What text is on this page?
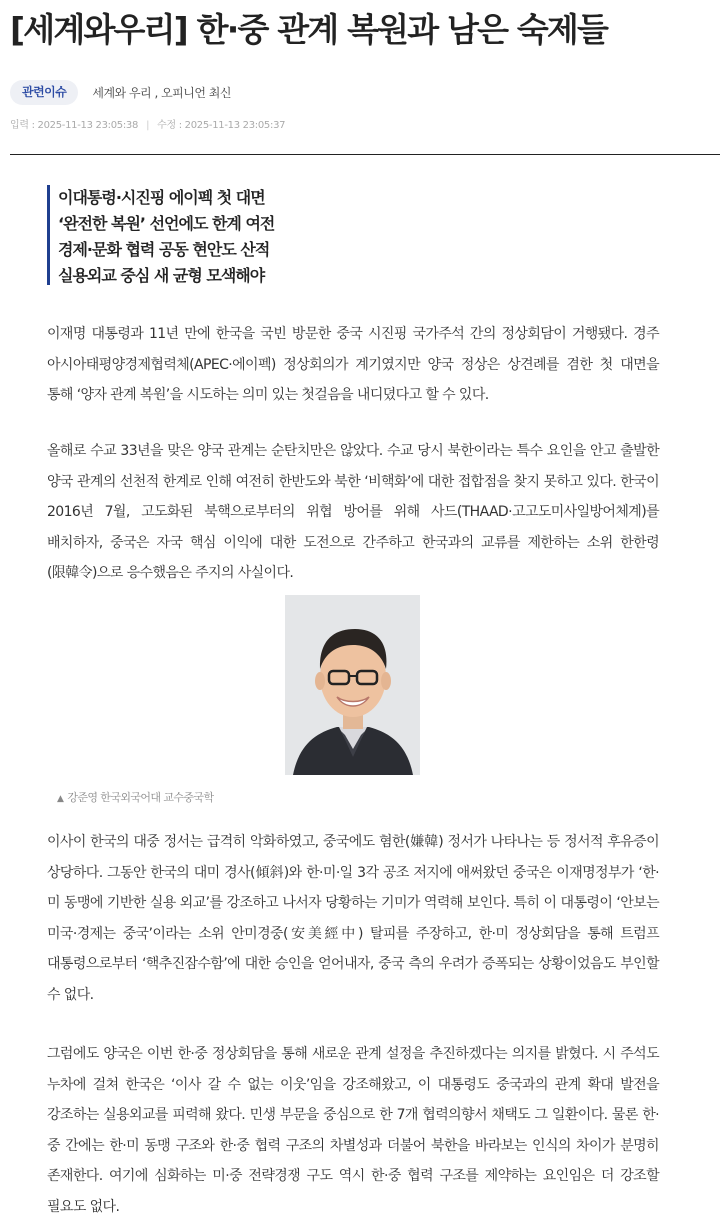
[세계와우리] 한·중 관계 복원과 남은 숙제들
관련이슈	세계와 우리 , 오피니언 최신
입력 : 2025-11-13 23:05:38 | 수정 : 2025-11-13 23:05:37
이대통령·시진핑 에이펙 첫 대면
‘완전한 복원’ 선언에도 한계 여전
경제·문화 협력 공동 현안도 산적
실용외교 중심 새 균형 모색해야

이재명 대통령과 11년 만에 한국을 국빈 방문한 중국 시진핑 국가주석 간의 정상회담이 거행됐다. 경주 아시아태평양경제협력체(APEC·에이펙) 정상회의가 계기였지만 양국 정상은 상견례를 겸한 첫 대면을 통해 ‘양자 관계 복원’을 시도하는 의미 있는 첫걸음을 내디뎠다고 할 수 있다.

올해로 수교 33년을 맞은 양국 관계는 순탄치만은 않았다. 수교 당시 북한이라는 특수 요인을 안고 출발한 양국 관계의 선천적 한계로 인해 여전히 한반도와 북한 ‘비핵화’에 대한 접합점을 찾지 못하고 있다. 한국이 2016년 7월, 고도화된 북핵으로부터의 위협 방어를 위해 사드(THAAD·고고도미사일방어체계)를 배치하자, 중국은 자국 핵심 이익에 대한 도전으로 간주하고 한국과의 교류를 제한하는 소위 한한령(限韓令)으로 응수했음은 주지의 사실이다.

▲ 강준영 한국외국어대 교수중국학

이사이 한국의 대중 정서는 급격히 악화하였고, 중국에도 혐한(嫌韓) 정서가 나타나는 등 정서적 후유증이 상당하다. 그동안 한국의 대미 경사(傾斜)와 한·미·일 3각 공조 저지에 애써왔던 중국은 이재명정부가 ‘한·미 동맹에 기반한 실용 외교’를 강조하고 나서자 당황하는 기미가 역력해 보인다. 특히 이 대통령이 ‘안보는 미국·경제는 중국’이라는 소위 안미경중(安美經中) 탈피를 주장하고, 한·미 정상회담을 통해 트럼프 대통령으로부터 ‘핵추진잠수함’에 대한 승인을 얻어내자, 중국 측의 우려가 증폭되는 상황이었음도 부인할 수 없다.

그럼에도 양국은 이번 한·중 정상회담을 통해 새로운 관계 설정을 추진하겠다는 의지를 밝혔다. 시 주석도 누차에 걸쳐 한국은 ‘이사 갈 수 없는 이웃’임을 강조해왔고, 이 대통령도 중국과의 관계 확대 발전을 강조하는 실용외교를 피력해 왔다. 민생 부문을 중심으로 한 7개 협력의향서 채택도 그 일환이다. 물론 한·중 간에는 한·미 동맹 구조와 한·중 협력 구조의 차별성과 더불어 북한을 바라보는 인식의 차이가 분명히 존재한다. 여기에 심화하는 미·중 전략경쟁 구도 역시 한·중 협력 구조를 제약하는 요인임은 더 강조할 필요도 없다.
